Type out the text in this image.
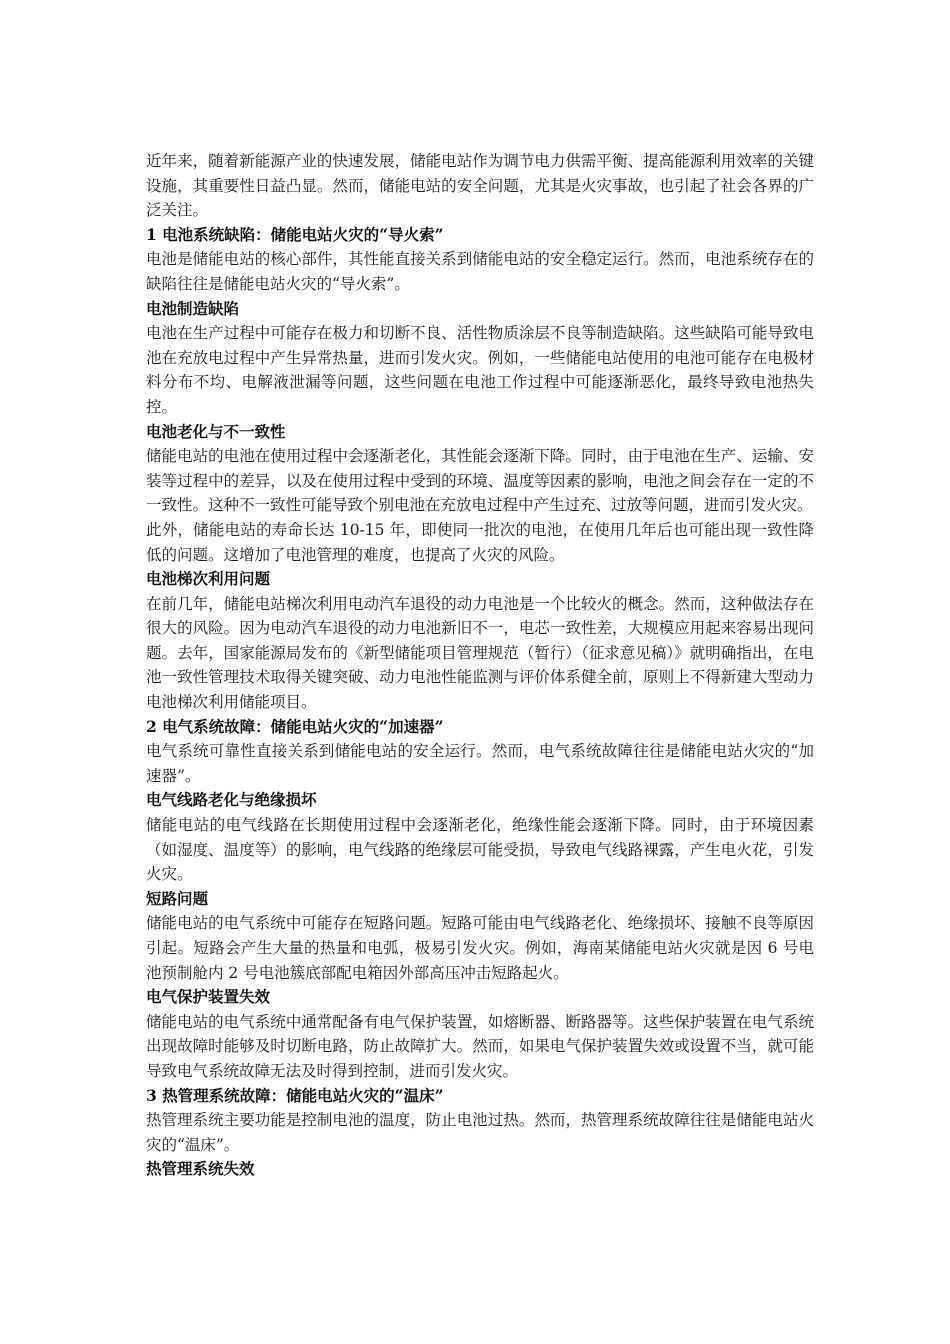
近年来，随着新能源产业的快速发展，储能电站作为调节电力供需平衡、提高能源利用效率的关键设施，其重要性日益凸显。然而，储能电站的安全问题，尤其是火灾事故，也引起了社会各界的广泛关注。

1 电池系统缺陷：储能电站火灾的“导火索”

电池是储能电站的核心部件，其性能直接关系到储能电站的安全稳定运行。然而，电池系统存在的缺陷往往是储能电站火灾的“导火索”。

电池制造缺陷

电池在生产过程中可能存在极力和切断不良、活性物质涂层不良等制造缺陷。这些缺陷可能导致电池在充放电过程中产生异常热量，进而引发火灾。例如，一些储能电站使用的电池可能存在电极材料分布不均、电解液泄漏等问题，这些问题在电池工作过程中可能逐渐恶化，最终导致电池热失控。

电池老化与不一致性

储能电站的电池在使用过程中会逐渐老化，其性能会逐渐下降。同时，由于电池在生产、运输、安装等过程中的差异，以及在使用过程中受到的环境、温度等因素的影响，电池之间会存在一定的不一致性。这种不一致性可能导致个别电池在充放电过程中产生过充、过放等问题，进而引发火灾。

此外，储能电站的寿命长达 10-15 年，即使同一批次的电池，在使用几年后也可能出现一致性降低的问题。这增加了电池管理的难度，也提高了火灾的风险。

电池梯次利用问题

在前几年，储能电站梯次利用电动汽车退役的动力电池是一个比较火的概念。然而，这种做法存在很大的风险。因为电动汽车退役的动力电池新旧不一，电芯一致性差，大规模应用起来容易出现问题。去年，国家能源局发布的《新型储能项目管理规范（暂行）（征求意见稿）》就明确指出，在电池一致性管理技术取得关键突破、动力电池性能监测与评价体系健全前，原则上不得新建大型动力电池梯次利用储能项目。

2 电气系统故障：储能电站火灾的“加速器”

电气系统可靠性直接关系到储能电站的安全运行。然而，电气系统故障往往是储能电站火灾的“加速器”。

电气线路老化与绝缘损坏

储能电站的电气线路在长期使用过程中会逐渐老化，绝缘性能会逐渐下降。同时，由于环境因素（如湿度、温度等）的影响，电气线路的绝缘层可能受损，导致电气线路裸露，产生电火花，引发火灾。

短路问题

储能电站的电气系统中可能存在短路问题。短路可能由电气线路老化、绝缘损坏、接触不良等原因引起。短路会产生大量的热量和电弧，极易引发火灾。例如，海南某储能电站火灾就是因 6 号电池预制舱内 2 号电池簇底部配电箱因外部高压冲击短路起火。

电气保护装置失效

储能电站的电气系统中通常配备有电气保护装置，如熔断器、断路器等。这些保护装置在电气系统出现故障时能够及时切断电路，防止故障扩大。然而，如果电气保护装置失效或设置不当，就可能导致电气系统故障无法及时得到控制，进而引发火灾。

3 热管理系统故障：储能电站火灾的“温床”

热管理系统主要功能是控制电池的温度，防止电池过热。然而，热管理系统故障往往是储能电站火灾的“温床”。

热管理系统失效
